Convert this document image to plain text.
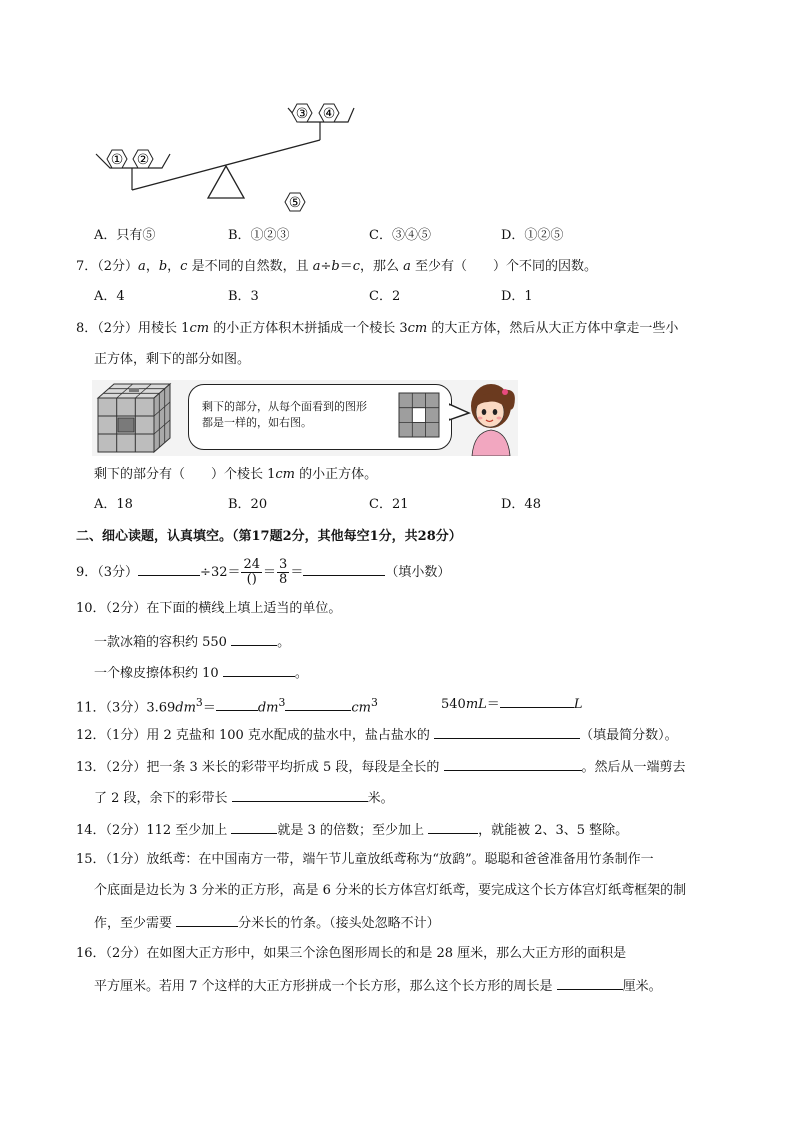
① ②
③ ④
⑤
A．只有⑤	B．①②③	C．③④⑤	D．①②⑤
7．（2分）a，b，c 是不同的自然数，且 a÷b＝c，那么 a 至少有（　　）个不同的因数。
A．4	B．3	C．2	D．1
8．（2分）用棱长 1cm 的小正方体积木拼插成一个棱长 3cm 的大正方体，然后从大正方体中拿走一些小
正方体，剩下的部分如图。
剩下的部分，从每个面看到的图形
都是一样的，如右图。
剩下的部分有（　　）个棱长 1cm 的小正方体。
A．18	B．20	C．21	D．48
二、细心读题，认真填空。（第17题2分，其他每空1分，共28分）
9．（3分）	$\div 32= \frac{24}{()} = \frac{3}{8}$ ＝	（填小数）
10．（2分）在下面的横线上填上适当的单位。
一款冰箱的容积约 550	。
一个橡皮擦体积约 10	。
11．（3分）$3.69dm^3=$	$dm^3$	$cm^3$	540mL＝	L
12．（1分）用 2 克盐和 100 克水配成的盐水中，盐占盐水的	（填最简分数）。
13．（2分）把一条 3 米长的彩带平均折成 5 段，每段是全长的	。然后从一端剪去
了 2 段，余下的彩带长	米。
14．（2分）112 至少加上	就是 3 的倍数；至少加上	，就能被 2、3、5 整除。
15．（1分）放纸鸢：在中国南方一带，端午节儿童放纸鸢称为“放鹞”。聪聪和爸爸准备用竹条制作一
个底面是边长为 3 分米的正方形，高是 6 分米的长方体宫灯纸鸢，要完成这个长方体宫灯纸鸢框架的制
作，至少需要	分米长的竹条。（接头处忽略不计）
16．（2分）在如图大正方形中，如果三个涂色图形周长的和是 28 厘米，那么大正方形的面积是
平方厘米。若用 7 个这样的大正方形拼成一个长方形，那么这个长方形的周长是	厘米。
